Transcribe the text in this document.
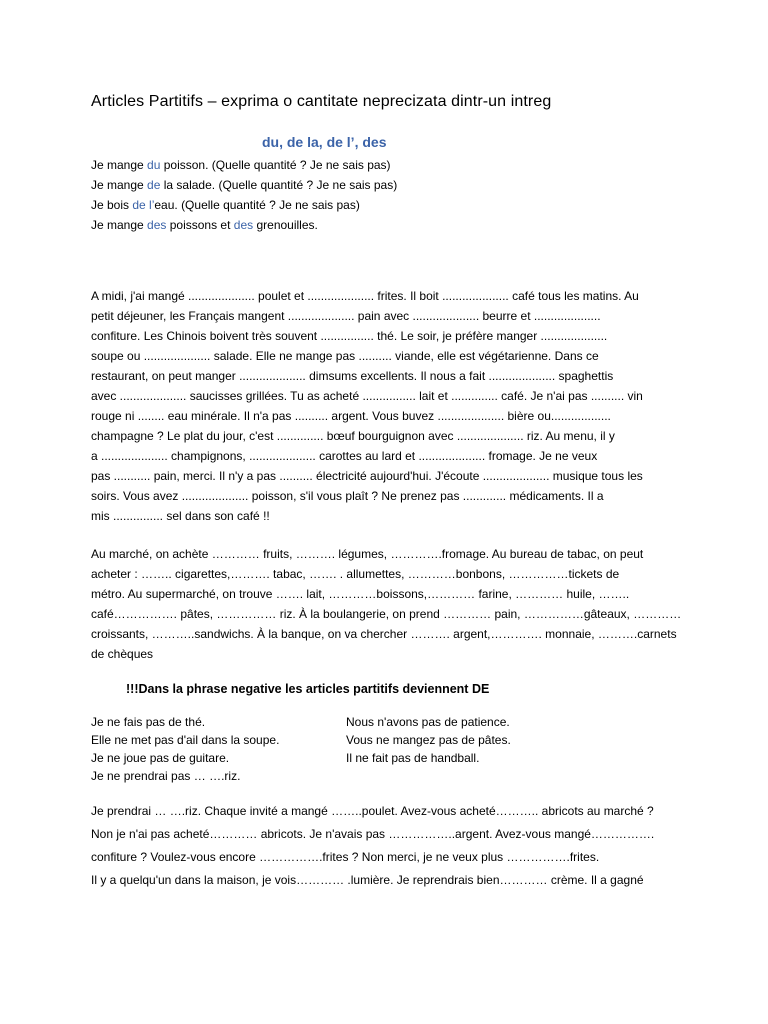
Articles Partitifs – exprima o cantitate neprecizata dintr-un intreg
du, de la, de l’, des
Je mange du poisson. (Quelle quantité ? Je ne sais pas)
Je mange de la salade. (Quelle quantité ? Je ne sais pas)
Je bois de l’eau. (Quelle quantité ? Je ne sais pas)
Je mange des poissons et des grenouilles.
A midi, j'ai mangé .................... poulet et .................... frites. Il boit .................... café tous les matins. Au
petit déjeuner, les Français mangent .................... pain avec .................... beurre et ....................
confiture. Les Chinois boivent très souvent ................ thé. Le soir, je préfère manger ....................
soupe ou .................... salade. Elle ne mange pas .......... viande, elle est végétarienne. Dans ce
restaurant, on peut manger .................... dimsums excellents. Il nous a fait .................... spaghettis
avec .................... saucisses grillées. Tu as acheté ................ lait et .............. café. Je n'ai pas .......... vin
rouge ni ........ eau minérale. Il n'a pas .......... argent. Vous buvez .................... bière ou..................
champagne ? Le plat du jour, c'est .............. bœuf bourguignon avec .................... riz. Au menu, il y
a .................... champignons, .................... carottes au lard et .................... fromage. Je ne veux
pas ........... pain, merci. Il n'y a pas .......... électricité aujourd'hui. J'écoute .................... musique tous les
soirs. Vous avez .................... poisson, s'il vous plaît ? Ne prenez pas ............. médicaments. Il a
mis ............... sel dans son café !!
Au marché, on achète ………… fruits, ………. légumes, ………….fromage. Au bureau de tabac, on peut
acheter : …….. cigarettes,………. tabac, ……. . allumettes, …………bonbons, ……………tickets de
métro. Au supermarché, on trouve ……. lait, …………boissons,………… farine, ………… huile, ……..
café……………. pâtes, …………… riz. À la boulangerie, on prend ………… pain, ……………gâteaux, …………
croissants, ………..sandwichs. À la banque, on va chercher ………. argent,…………. monnaie, ……….carnets
de chèques
!!!Dans la phrase negative les articles partitifs deviennent DE
Je ne fais pas de thé.
Elle ne met pas d'ail dans la soupe.
Je ne joue pas de guitare.
Je ne prendrai pas … ….riz.
Nous n'avons pas de patience.
Vous ne mangez pas de pâtes.
Il ne fait pas de handball.
Je prendrai … ….riz. Chaque invité a mangé ……..poulet. Avez-vous acheté……….. abricots au marché ?
Non je n'ai pas acheté………… abricots. Je n'avais pas ……………..argent. Avez-vous mangé…………….
confiture ? Voulez-vous encore …………….frites ? Non merci, je ne veux plus …………….frites.
Il y a quelqu'un dans la maison, je vois………… .lumière. Je reprendrais bien………… crème. Il a gagné
